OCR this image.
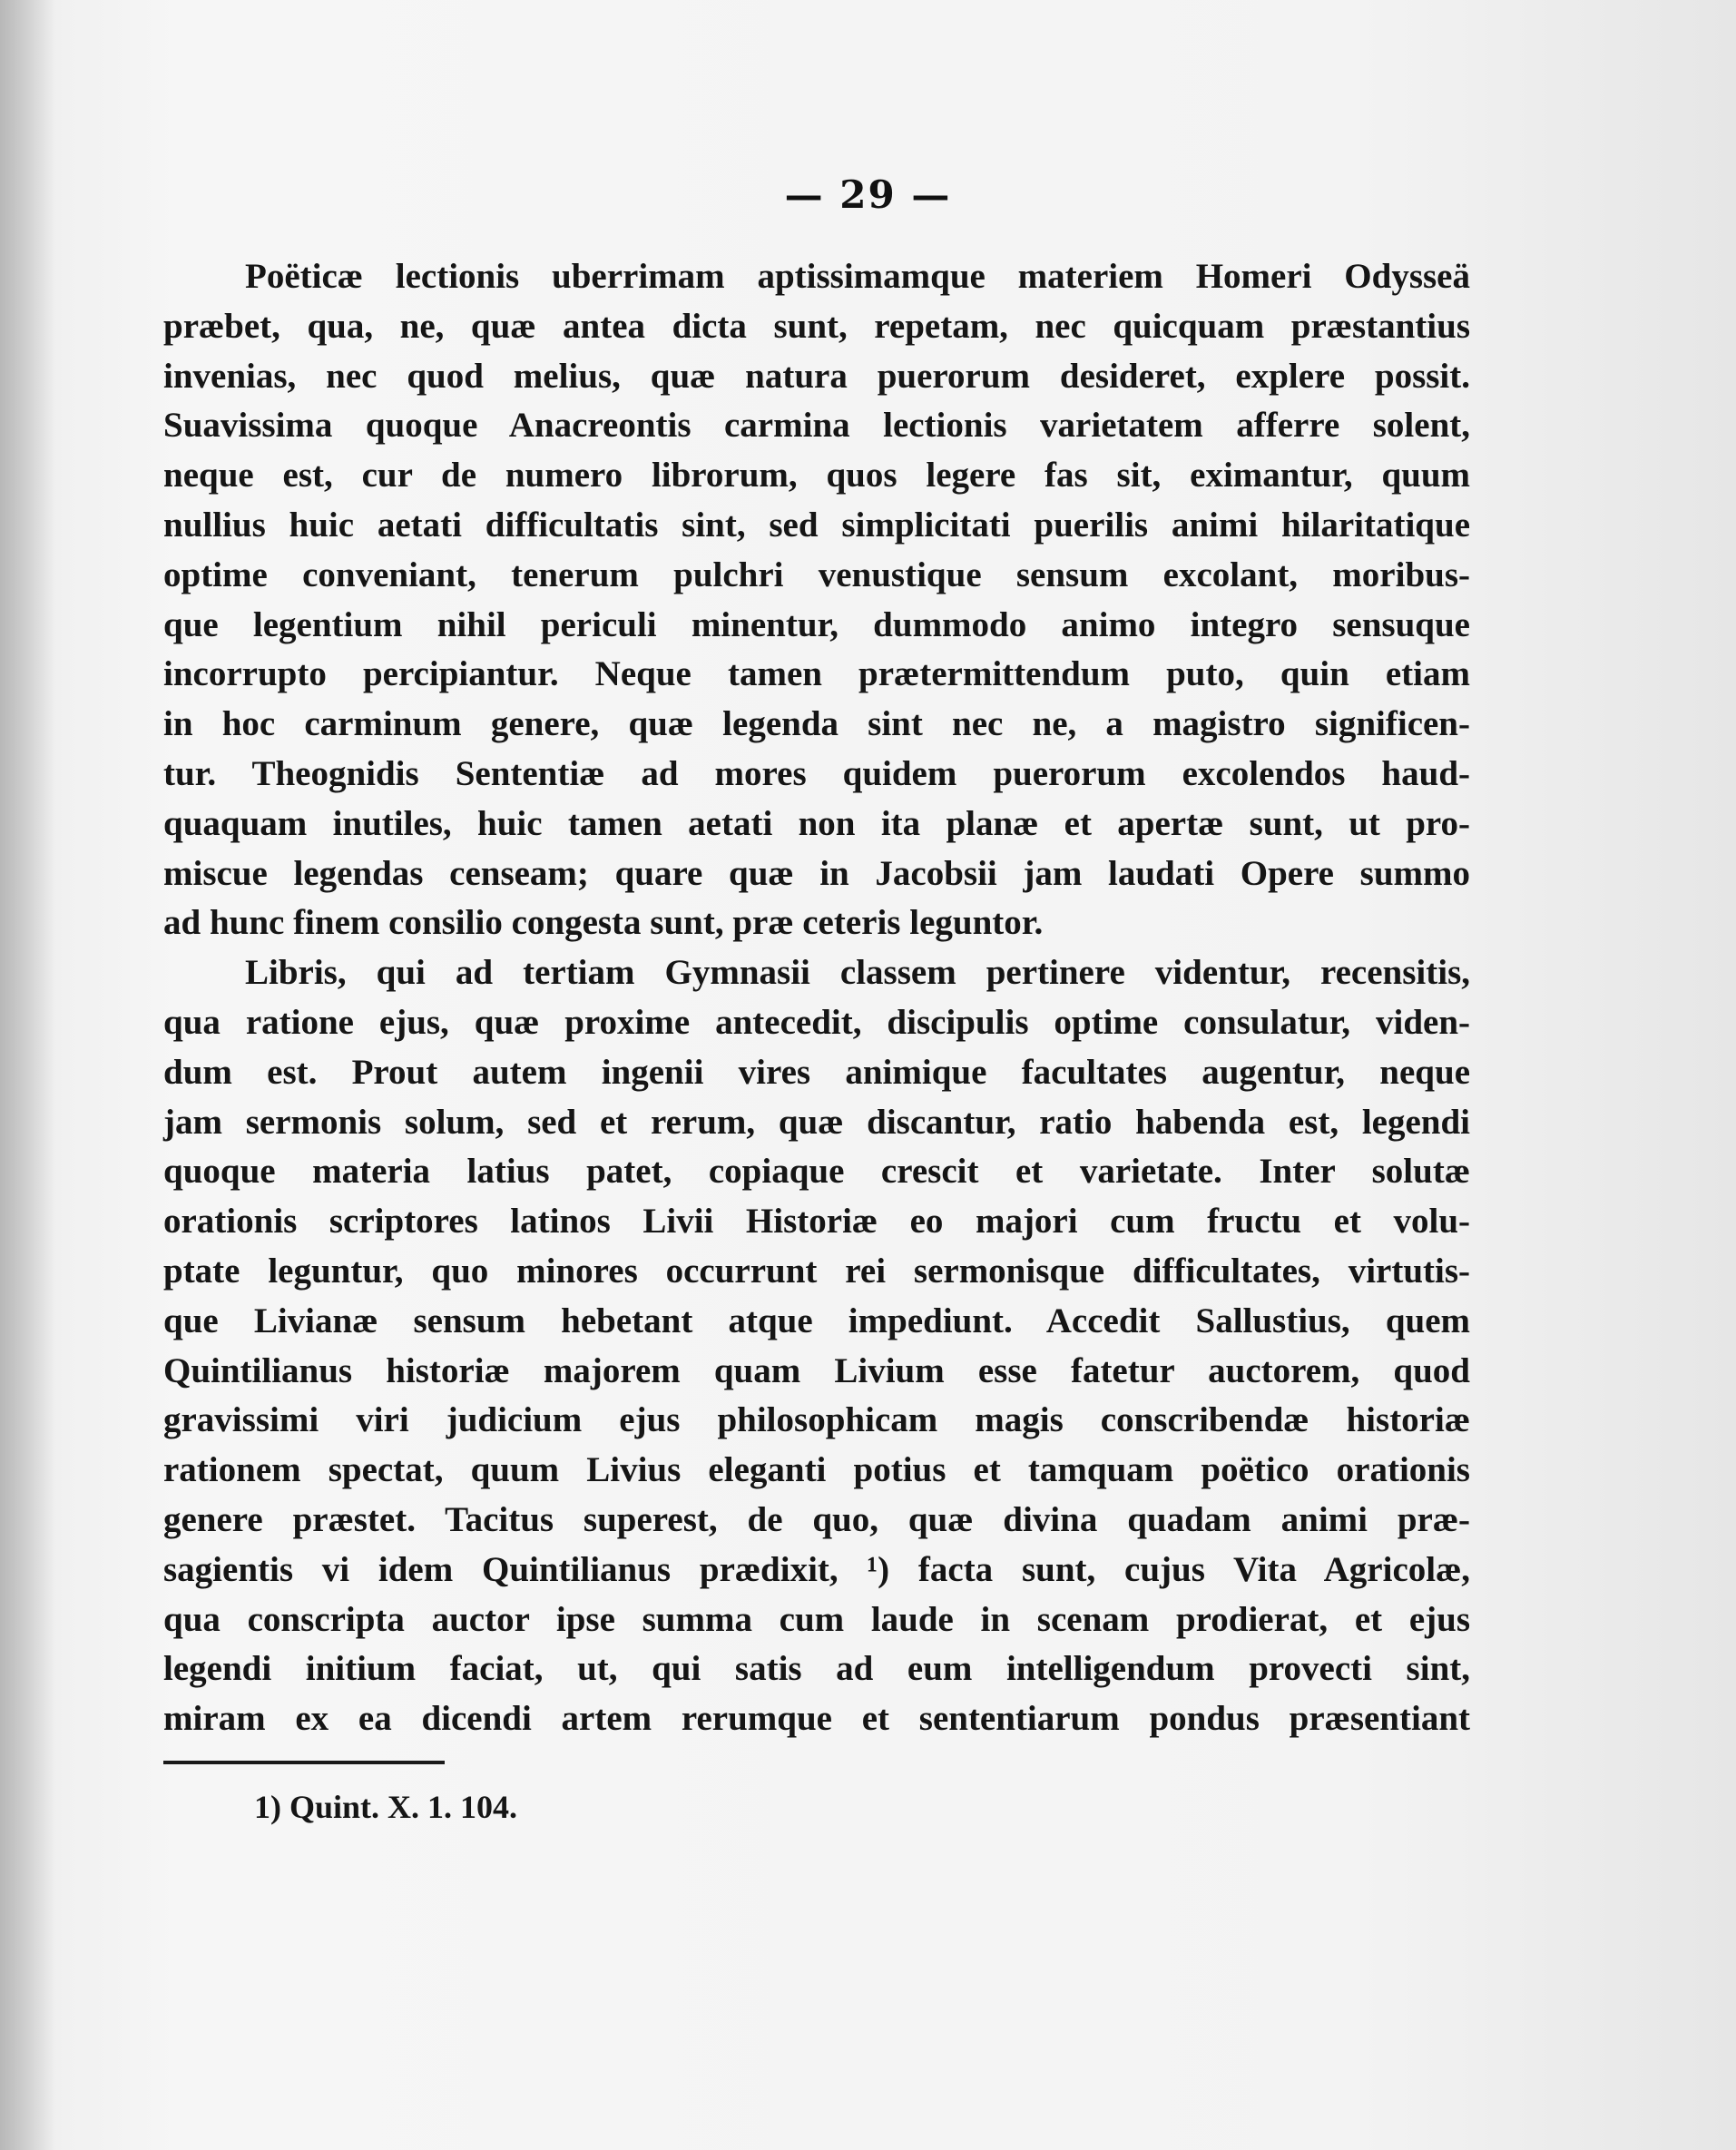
— 29 —
Poëticæ lectionis uberrimam aptissimamque materiem Homeri Odysseä
præbet, qua, ne, quæ antea dicta sunt, repetam, nec quicquam præstantius
invenias, nec quod melius, quæ natura puerorum desideret, explere possit.
Suavissima quoque Anacreontis carmina lectionis varietatem afferre solent,
neque est, cur de numero librorum, quos legere fas sit, eximantur, quum
nullius huic aetati difficultatis sint, sed simplicitati puerilis animi hilaritatique
optime conveniant, tenerum pulchri venustique sensum excolant, moribus-
que legentium nihil periculi minentur, dummodo animo integro sensuque
incorrupto percipiantur. Neque tamen prætermittendum puto, quin etiam
in hoc carminum genere, quæ legenda sint nec ne, a magistro significen-
tur. Theognidis Sententiæ ad mores quidem puerorum excolendos haud-
quaquam inutiles, huic tamen aetati non ita planæ et apertæ sunt, ut pro-
miscue legendas censeam; quare quæ in Jacobsii jam laudati Opere summo
ad hunc finem consilio congesta sunt, præ ceteris leguntor.
Libris, qui ad tertiam Gymnasii classem pertinere videntur, recensitis,
qua ratione ejus, quæ proxime antecedit, discipulis optime consulatur, viden-
dum est. Prout autem ingenii vires animique facultates augentur, neque
jam sermonis solum, sed et rerum, quæ discantur, ratio habenda est, legendi
quoque materia latius patet, copiaque crescit et varietate. Inter solutæ
orationis scriptores latinos Livii Historiæ eo majori cum fructu et volu-
ptate leguntur, quo minores occurrunt rei sermonisque difficultates, virtutis-
que Livianæ sensum hebetant atque impediunt. Accedit Sallustius, quem
Quintilianus historiæ majorem quam Livium esse fatetur auctorem, quod
gravissimi viri judicium ejus philosophicam magis conscribendæ historiæ
rationem spectat, quum Livius eleganti potius et tamquam poëtico orationis
genere præstet. Tacitus superest, de quo, quæ divina quadam animi præ-
sagientis vi idem Quintilianus prædixit, ¹) facta sunt, cujus Vita Agricolæ,
qua conscripta auctor ipse summa cum laude in scenam prodierat, et ejus
legendi initium faciat, ut, qui satis ad eum intelligendum provecti sint,
miram ex ea dicendi artem rerumque et sententiarum pondus præsentiant
1) Quint. X. 1. 104.
